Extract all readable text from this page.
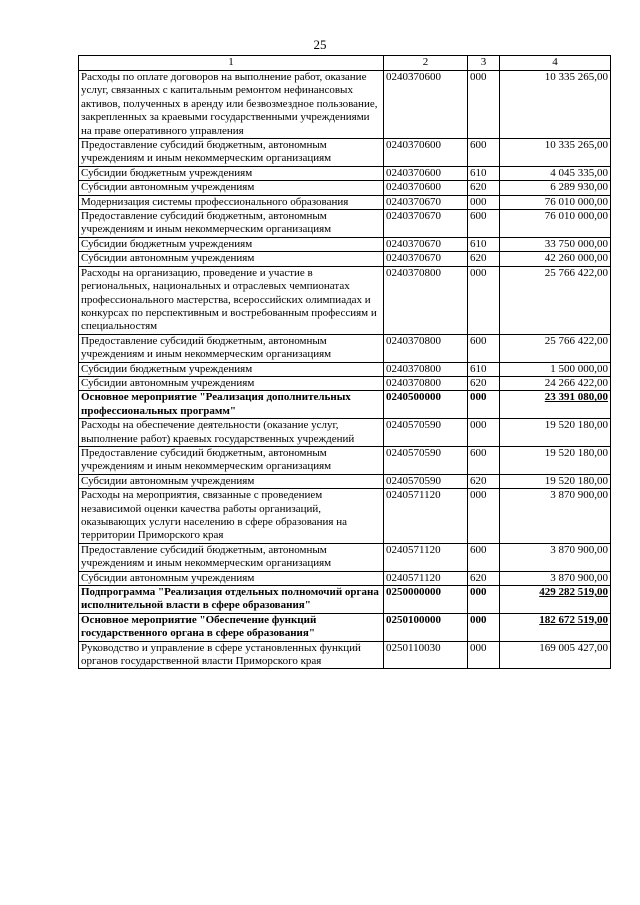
25
1	2	3	4
Расходы по оплате договоров на выполнение работ, оказание услуг, связанных с капитальным ремонтом нефинансовых активов, полученных в аренду или безвозмездное пользование, закрепленных за краевыми государственными учреждениями на праве оперативного управления	0240370600	000	10 335 265,00
Предоставление субсидий бюджетным, автономным учреждениям и иным некоммерческим организациям	0240370600	600	10 335 265,00
Субсидии бюджетным учреждениям	0240370600	610	4 045 335,00
Субсидии автономным учреждениям	0240370600	620	6 289 930,00
Модернизация системы профессионального образования	0240370670	000	76 010 000,00
Предоставление субсидий бюджетным, автономным учреждениям и иным некоммерческим организациям	0240370670	600	76 010 000,00
Субсидии бюджетным учреждениям	0240370670	610	33 750 000,00
Субсидии автономным учреждениям	0240370670	620	42 260 000,00
Расходы на организацию, проведение и участие в региональных, национальных и отраслевых чемпионатах профессионального мастерства, всероссийских олимпиадах и конкурсах по перспективным и востребованным профессиям и специальностям	0240370800	000	25 766 422,00
Предоставление субсидий бюджетным, автономным учреждениям и иным некоммерческим организациям	0240370800	600	25 766 422,00
Субсидии бюджетным учреждениям	0240370800	610	1 500 000,00
Субсидии автономным учреждениям	0240370800	620	24 266 422,00
Основное мероприятие "Реализация дополнительных профессиональных программ"	0240500000	000	23 391 080,00
Расходы на обеспечение деятельности (оказание услуг, выполнение работ) краевых государственных учреждений	0240570590	000	19 520 180,00
Предоставление субсидий бюджетным, автономным учреждениям и иным некоммерческим организациям	0240570590	600	19 520 180,00
Субсидии автономным учреждениям	0240570590	620	19 520 180,00
Расходы на мероприятия, связанные с проведением независимой оценки качества работы организаций, оказывающих услуги населению в сфере образования на территории Приморского края	0240571120	000	3 870 900,00
Предоставление субсидий бюджетным, автономным учреждениям и иным некоммерческим организациям	0240571120	600	3 870 900,00
Субсидии автономным учреждениям	0240571120	620	3 870 900,00
Подпрограмма "Реализация отдельных полномочий органа исполнительной власти в сфере образования"	0250000000	000	429 282 519,00
Основное мероприятие "Обеспечение функций государственного органа в сфере образования"	0250100000	000	182 672 519,00
Руководство и управление в сфере установленных функций органов государственной власти Приморского края	0250110030	000	169 005 427,00
